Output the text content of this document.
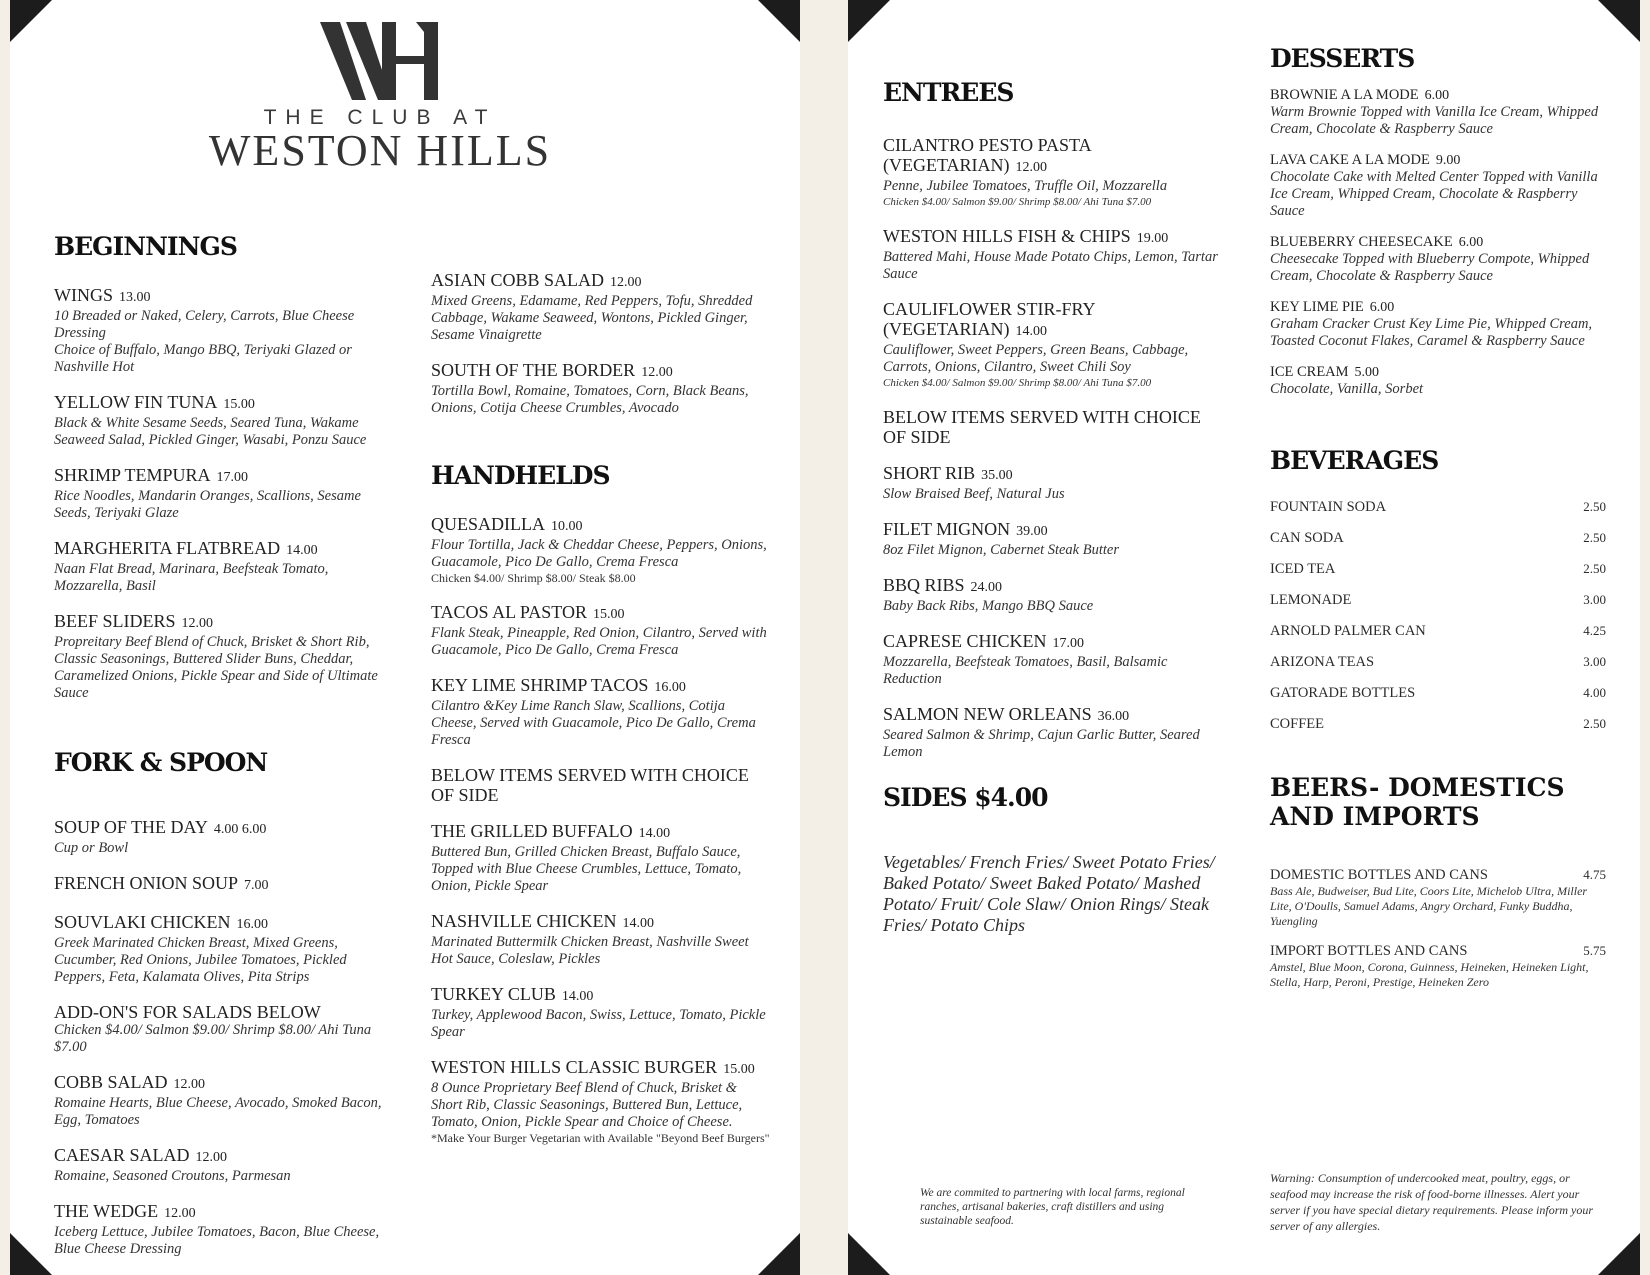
THE CLUB AT
WESTON HILLS
BEGINNINGS
WINGS 13.00
10 Breaded or Naked, Celery, Carrots, Blue Cheese Dressing
Choice of Buffalo, Mango BBQ, Teriyaki Glazed or Nashville Hot
YELLOW FIN TUNA 15.00
Black & White Sesame Seeds, Seared Tuna, Wakame Seaweed Salad, Pickled Ginger, Wasabi, Ponzu Sauce
SHRIMP TEMPURA 17.00
Rice Noodles, Mandarin Oranges, Scallions, Sesame Seeds, Teriyaki Glaze
MARGHERITA FLATBREAD 14.00
Naan Flat Bread, Marinara, Beefsteak Tomato, Mozzarella, Basil
BEEF SLIDERS 12.00
Propreitary Beef Blend of Chuck, Brisket & Short Rib, Classic Seasonings, Buttered Slider Buns, Cheddar, Caramelized Onions, Pickle Spear and Side of Ultimate Sauce
FORK & SPOON
SOUP OF THE DAY 4.00 6.00
Cup or Bowl
FRENCH ONION SOUP 7.00
SOUVLAKI CHICKEN 16.00
Greek Marinated Chicken Breast, Mixed Greens, Cucumber, Red Onions, Jubilee Tomatoes, Pickled Peppers, Feta, Kalamata Olives, Pita Strips
ADD-ON'S FOR SALADS BELOW
Chicken $4.00/ Salmon $9.00/ Shrimp $8.00/ Ahi Tuna $7.00
COBB SALAD 12.00
Romaine Hearts, Blue Cheese, Avocado, Smoked Bacon, Egg, Tomatoes
CAESAR SALAD 12.00
Romaine, Seasoned Croutons, Parmesan
THE WEDGE 12.00
Iceberg Lettuce, Jubilee Tomatoes, Bacon, Blue Cheese, Blue Cheese Dressing
ASIAN COBB SALAD 12.00
Mixed Greens, Edamame, Red Peppers, Tofu, Shredded Cabbage, Wakame Seaweed, Wontons, Pickled Ginger, Sesame Vinaigrette
SOUTH OF THE BORDER 12.00
Tortilla Bowl, Romaine, Tomatoes, Corn, Black Beans, Onions, Cotija Cheese Crumbles, Avocado
HANDHELDS
QUESADILLA 10.00
Flour Tortilla, Jack & Cheddar Cheese, Peppers, Onions, Guacamole, Pico De Gallo, Crema Fresca
Chicken $4.00/ Shrimp $8.00/ Steak $8.00
TACOS AL PASTOR 15.00
Flank Steak, Pineapple, Red Onion, Cilantro, Served with Guacamole, Pico De Gallo, Crema Fresca
KEY LIME SHRIMP TACOS 16.00
Cilantro &Key Lime Ranch Slaw, Scallions, Cotija Cheese, Served with Guacamole, Pico De Gallo, Crema Fresca
BELOW ITEMS SERVED WITH CHOICE OF SIDE
THE GRILLED BUFFALO 14.00
Buttered Bun, Grilled Chicken Breast, Buffalo Sauce, Topped with Blue Cheese Crumbles, Lettuce, Tomato, Onion, Pickle Spear
NASHVILLE CHICKEN 14.00
Marinated Buttermilk Chicken Breast, Nashville Sweet Hot Sauce, Coleslaw, Pickles
TURKEY CLUB 14.00
Turkey, Applewood Bacon, Swiss, Lettuce, Tomato, Pickle Spear
WESTON HILLS CLASSIC BURGER 15.00
8 Ounce Proprietary Beef Blend of Chuck, Brisket & Short Rib, Classic Seasonings, Buttered Bun, Lettuce, Tomato, Onion, Pickle Spear and Choice of Cheese.
*Make Your Burger Vegetarian with Available "Beyond Beef Burgers"
ENTREES
CILANTRO PESTO PASTA (VEGETARIAN) 12.00
Penne, Jubilee Tomatoes, Truffle Oil, Mozzarella
Chicken $4.00/ Salmon $9.00/ Shrimp $8.00/ Ahi Tuna $7.00
WESTON HILLS FISH & CHIPS 19.00
Battered Mahi, House Made Potato Chips, Lemon, Tartar Sauce
CAULIFLOWER STIR-FRY (VEGETARIAN) 14.00
Cauliflower, Sweet Peppers, Green Beans, Cabbage, Carrots, Onions, Cilantro, Sweet Chili Soy
Chicken $4.00/ Salmon $9.00/ Shrimp $8.00/ Ahi Tuna $7.00
BELOW ITEMS SERVED WITH CHOICE OF SIDE
SHORT RIB 35.00
Slow Braised Beef, Natural Jus
FILET MIGNON 39.00
8oz Filet Mignon, Cabernet Steak Butter
BBQ RIBS 24.00
Baby Back Ribs, Mango BBQ Sauce
CAPRESE CHICKEN 17.00
Mozzarella, Beefsteak Tomatoes, Basil, Balsamic Reduction
SALMON NEW ORLEANS 36.00
Seared Salmon & Shrimp, Cajun Garlic Butter, Seared Lemon
SIDES $4.00
Vegetables/ French Fries/ Sweet Potato Fries/ Baked Potato/ Sweet Baked Potato/ Mashed Potato/ Fruit/ Cole Slaw/ Onion Rings/ Steak Fries/ Potato Chips
DESSERTS
BROWNIE A LA MODE 6.00
Warm Brownie Topped with Vanilla Ice Cream, Whipped Cream, Chocolate & Raspberry Sauce
LAVA CAKE A LA MODE 9.00
Chocolate Cake with Melted Center Topped with Vanilla Ice Cream, Whipped Cream, Chocolate & Raspberry Sauce
BLUEBERRY CHEESECAKE 6.00
Cheesecake Topped with Blueberry Compote, Whipped Cream, Chocolate & Raspberry Sauce
KEY LIME PIE 6.00
Graham Cracker Crust Key Lime Pie, Whipped Cream, Toasted Coconut Flakes, Caramel & Raspberry Sauce
ICE CREAM 5.00
Chocolate, Vanilla, Sorbet
BEVERAGES
FOUNTAIN SODA	2.50
CAN SODA	2.50
ICED TEA	2.50
LEMONADE	3.00
ARNOLD PALMER CAN	4.25
ARIZONA TEAS	3.00
GATORADE BOTTLES	4.00
COFFEE	2.50
BEERS- DOMESTICS AND IMPORTS
DOMESTIC BOTTLES AND CANS	4.75
Bass Ale, Budweiser, Bud Lite, Coors Lite, Michelob Ultra, Miller Lite, O'Doulls, Samuel Adams, Angry Orchard, Funky Buddha, Yuengling
IMPORT BOTTLES AND CANS	5.75
Amstel, Blue Moon, Corona, Guinness, Heineken, Heineken Light, Stella, Harp, Peroni, Prestige, Heineken Zero
We are commited to partnering with local farms, regional ranches, artisanal bakeries, craft distillers and using sustainable seafood.
Warning: Consumption of undercooked meat, poultry, eggs, or seafood may increase the risk of food-borne illnesses. Alert your server if you have special dietary requirements. Please inform your server of any allergies.
